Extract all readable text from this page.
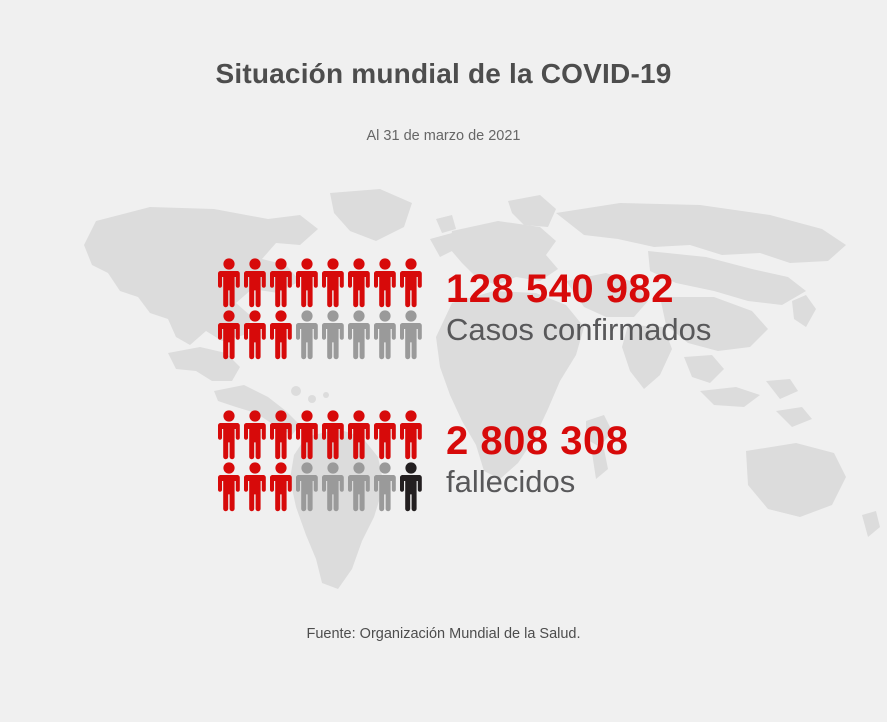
Situación mundial de la COVID-19
Al 31 de marzo de 2021
128 540 982
Casos confirmados
2 808 308
fallecidos
Fuente: Organización Mundial de la Salud.
